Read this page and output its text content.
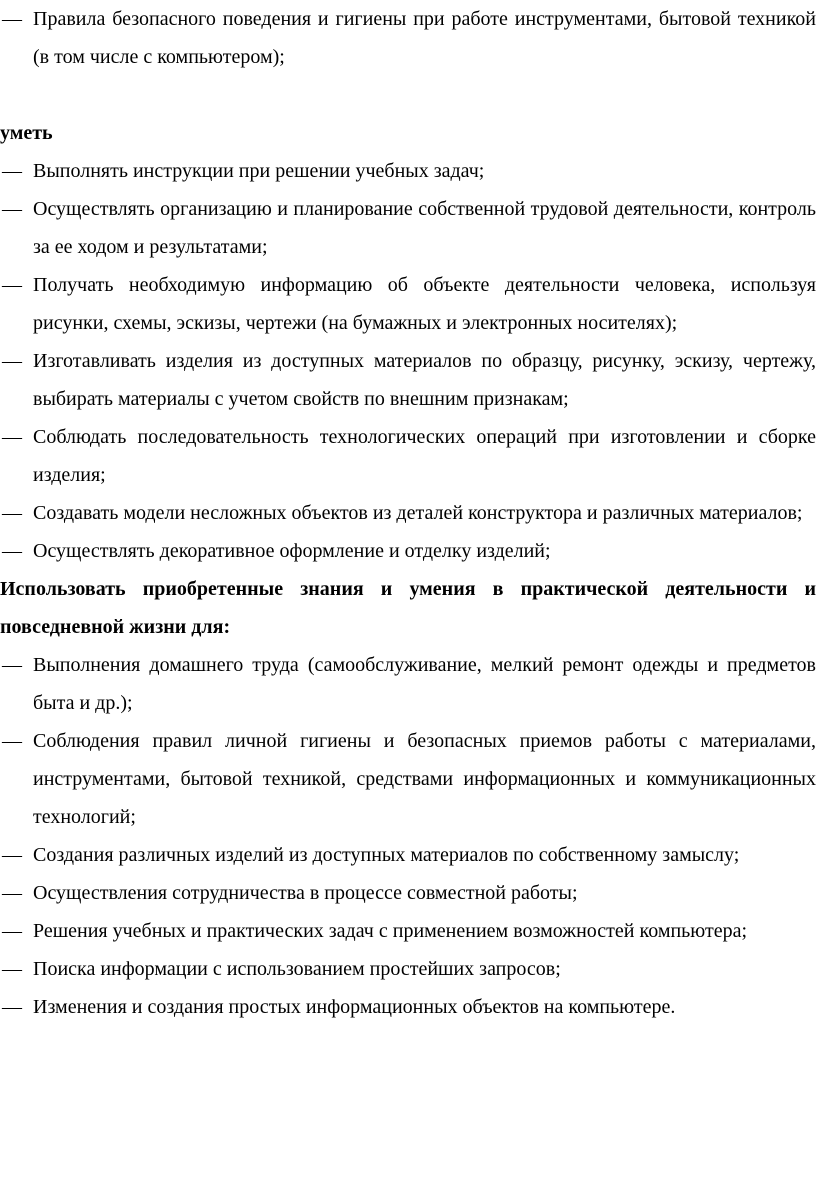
— Правила безопасного поведения и гигиены при работе инструментами, бытовой техникой (в том числе с компьютером);

уметь

— Выполнять инструкции при решении учебных задач;

— Осуществлять организацию и планирование собственной трудовой деятельности, контроль за ее ходом и результатами;

— Получать необходимую информацию об объекте деятельности человека, используя рисунки, схемы, эскизы, чертежи (на бумажных и электронных носителях);

— Изготавливать изделия из доступных материалов по образцу, рисунку, эскизу, чертежу, выбирать материалы с учетом свойств по внешним признакам;

— Соблюдать последовательность технологических операций при изготовлении и сборке изделия;

— Создавать модели несложных объектов из деталей конструктора и различных материалов;

— Осуществлять декоративное оформление и отделку изделий;

Использовать приобретенные знания и умения в практической деятельности и повседневной жизни для:

— Выполнения домашнего труда (самообслуживание, мелкий ремонт одежды и предметов быта и др.);

— Соблюдения правил личной гигиены и безопасных приемов работы с материалами, инструментами, бытовой техникой, средствами информационных и коммуникационных технологий;

— Создания различных изделий из доступных материалов по собственному замыслу;

— Осуществления сотрудничества в процессе совместной работы;

— Решения учебных и практических задач с применением возможностей компьютера;

— Поиска информации с использованием простейших запросов;

— Изменения и создания простых информационных объектов на компьютере.
